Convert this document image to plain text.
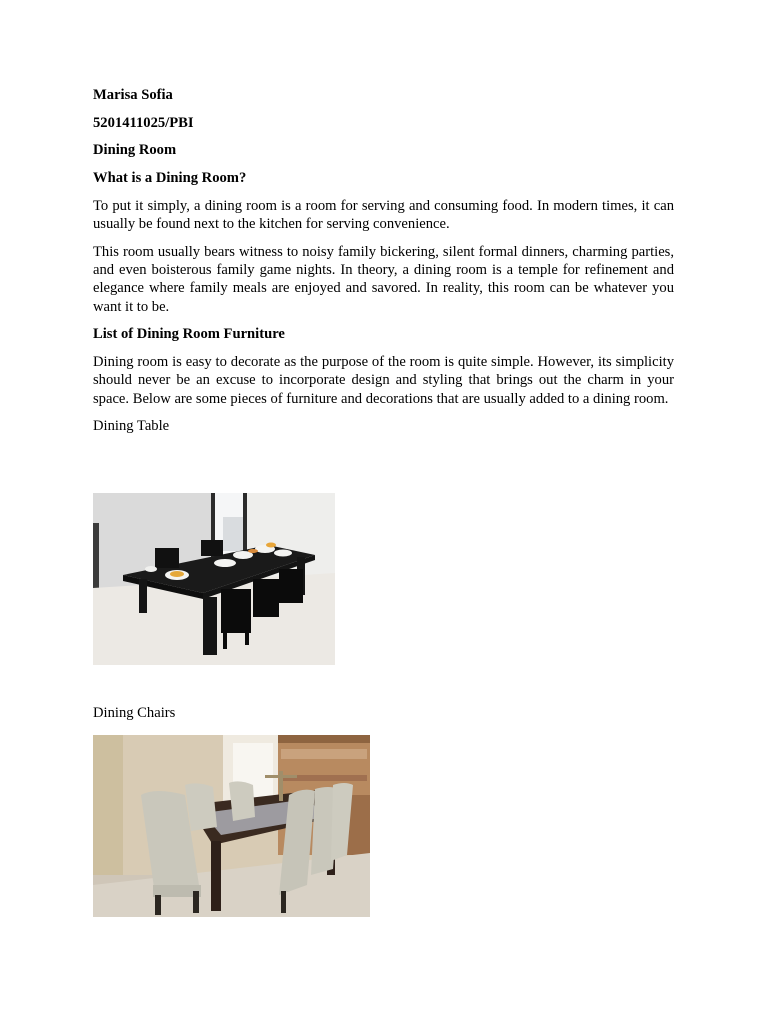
Marisa Sofia

5201411025/PBI

Dining Room

What is a Dining Room?

To put it simply, a dining room is a room for serving and consuming food. In modern times, it can usually be found next to the kitchen for serving convenience.

This room usually bears witness to noisy family bickering, silent formal dinners, charming parties, and even boisterous family game nights. In theory, a dining room is a temple for refinement and elegance where family meals are enjoyed and savored. In reality, this room can be whatever you want it to be.

List of Dining Room Furniture

Dining room is easy to decorate as the purpose of the room is quite simple. However, its simplicity should never be an excuse to incorporate design and styling that brings out the charm in your space. Below are some pieces of furniture and decorations that are usually added to a dining room.

Dining Table

Dining Chairs
